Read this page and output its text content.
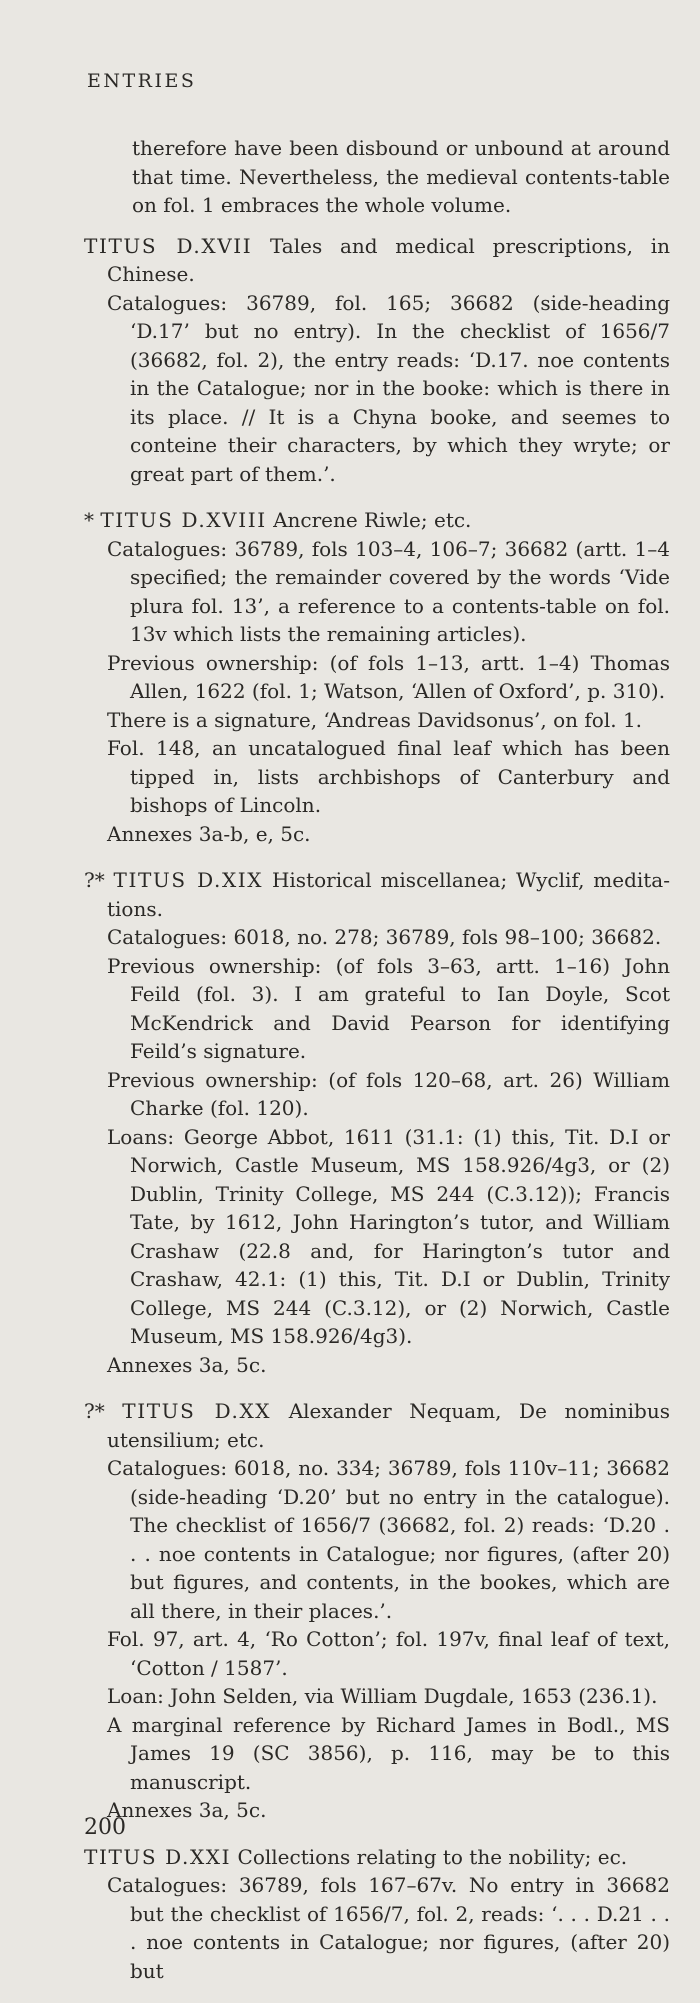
ENTRIES

therefore have been disbound or unbound at around that time. Nevertheless, the medieval contents-table on fol. 1 embraces the whole volume.

TITUS D.XVII Tales and medical prescriptions, in Chinese.

Catalogues: 36789, fol. 165; 36682 (side-heading ‘D.17’ but no entry). In the checklist of 1656/7 (36682, fol. 2), the entry reads: ‘D.17. noe contents in the Catalogue; nor in the booke: which is there in its place. // It is a Chyna booke, and seemes to conteine their characters, by which they wryte; or great part of them.’.

* TITUS D.XVIII Ancrene Riwle; etc.

Catalogues: 36789, fols 103–4, 106–7; 36682 (artt. 1–4 specified; the remainder covered by the words ‘Vide plura fol. 13’, a reference to a contents-table on fol. 13v which lists the remaining articles).

Previous ownership: (of fols 1–13, artt. 1–4) Thomas Allen, 1622 (fol. 1; Watson, ‘Allen of Oxford’, p. 310).

There is a signature, ‘Andreas Davidsonus’, on fol. 1.

Fol. 148, an uncatalogued final leaf which has been tipped in, lists archbishops of Canterbury and bishops of Lincoln.

Annexes 3a-b, e, 5c.

?* TITUS D.XIX Historical miscellanea; Wyclif, medita-tions.

Catalogues: 6018, no. 278; 36789, fols 98–100; 36682.

Previous ownership: (of fols 3–63, artt. 1–16) John Feild (fol. 3). I am grateful to Ian Doyle, Scot McKendrick and David Pearson for identifying Feild’s signature.

Previous ownership: (of fols 120–68, art. 26) William Charke (fol. 120).

Loans: George Abbot, 1611 (31.1: (1) this, Tit. D.I or Norwich, Castle Museum, MS 158.926/4g3, or (2) Dublin, Trinity College, MS 244 (C.3.12)); Francis Tate, by 1612, John Harington’s tutor, and William Crashaw (22.8 and, for Harington’s tutor and Crashaw, 42.1: (1) this, Tit. D.I or Dublin, Trinity College, MS 244 (C.3.12), or (2) Norwich, Castle Museum, MS 158.926/4g3).

Annexes 3a, 5c.

?* TITUS D.XX Alexander Nequam, De nominibus utensilium; etc.

Catalogues: 6018, no. 334; 36789, fols 110v–11; 36682 (side-heading ‘D.20’ but no entry in the catalogue). The checklist of 1656/7 (36682, fol. 2) reads: ‘D.20 . . . noe contents in Catalogue; nor figures, (after 20) but figures, and contents, in the bookes, which are all there, in their places.’.

Fol. 97, art. 4, ‘Ro Cotton’; fol. 197v, final leaf of text, ‘Cotton / 1587’.

Loan: John Selden, via William Dugdale, 1653 (236.1).

A marginal reference by Richard James in Bodl., MS James 19 (SC 3856), p. 116, may be to this manuscript.

Annexes 3a, 5c.

TITUS D.XXI Collections relating to the nobility; ec.

Catalogues: 36789, fols 167–67v. No entry in 36682 but the checklist of 1656/7, fol. 2, reads: ‘. . . D.21 . . . noe contents in Catalogue; nor figures, (after 20) but

200
